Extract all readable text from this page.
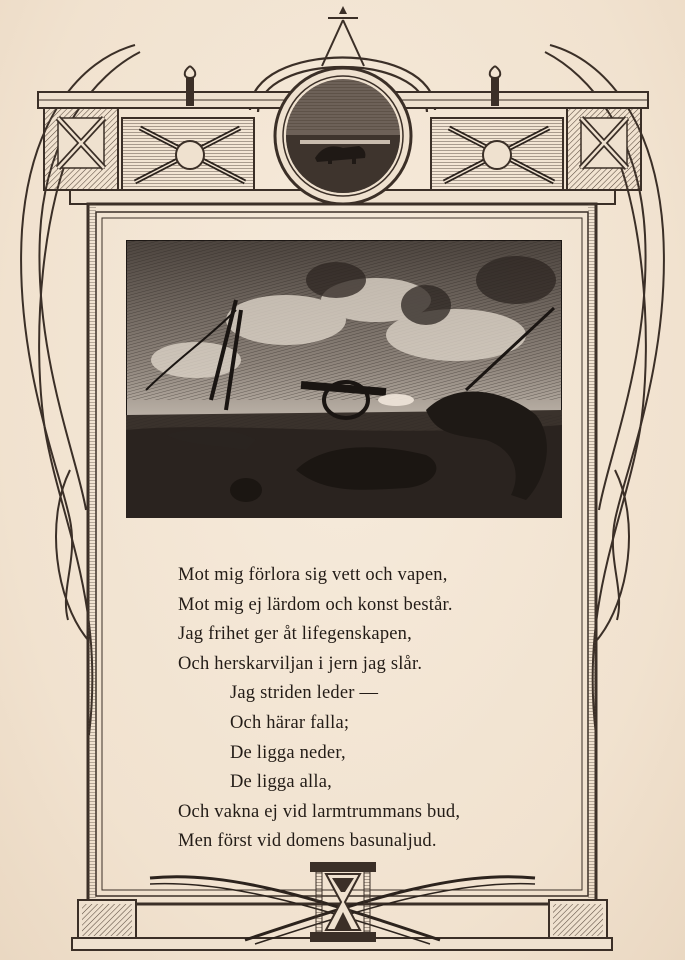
Mot mig förlora sig vett och vapen,
Mot mig ej lärdom och konst består.
Jag frihet ger åt lifegenskapen,
Och herskarviljan i jern jag slår.
Jag striden leder —
Och härar falla;
De ligga neder,
De ligga alla,
Och vakna ej vid larmtrummans bud,
Men först vid domens basunaljud.
